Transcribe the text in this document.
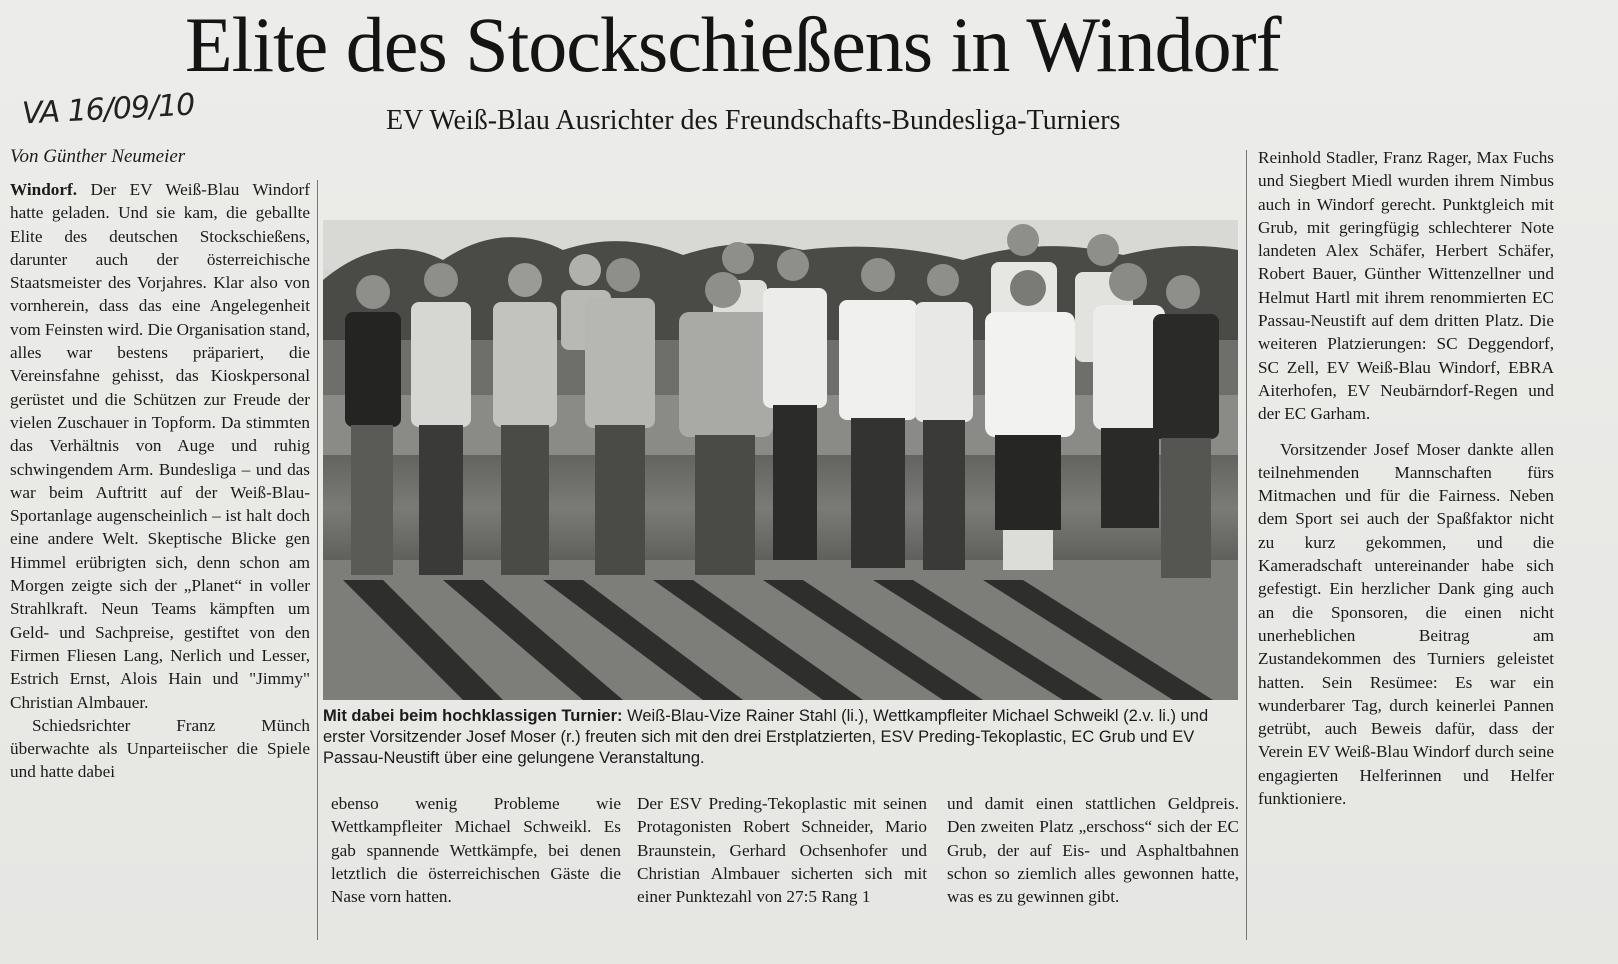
Elite des Stockschießens in Windorf
VA 16/09/10	EV Weiß-Blau Ausrichter des Freundschafts-Bundesliga-Turniers
Von Günther Neumeier

Windorf. Der EV Weiß-Blau Windorf hatte geladen. Und sie kam, die geballte Elite des deutschen Stockschießens, darunter auch der österreichische Staatsmeister des Vorjahres. Klar also von vornherein, dass das eine Angelegenheit vom Feinsten wird. Die Organisation stand, alles war bestens präpariert, die Vereinsfahne gehisst, das Kioskpersonal gerüstet und die Schützen zur Freude der vielen Zuschauer in Topform. Da stimmten das Verhältnis von Auge und ruhig schwingendem Arm. Bundesliga – und das war beim Auftritt auf der Weiß-Blau-Sportanlage augenscheinlich – ist halt doch eine andere Welt. Skeptische Blicke gen Himmel erübrigten sich, denn schon am Morgen zeigte sich der „Planet“ in voller Strahlkraft. Neun Teams kämpften um Geld- und Sachpreise, gestiftet von den Firmen Fliesen Lang, Nerlich und Lesser, Estrich Ernst, Alois Hain und "Jimmy" Christian Almbauer.

Schiedsrichter Franz Münch überwachte als Unparteiischer die Spiele und hatte dabei

Mit dabei beim hochklassigen Turnier: Weiß-Blau-Vize Rainer Stahl (li.), Wettkampfleiter Michael Schweikl (2.v. li.) und erster Vorsitzender Josef Moser (r.) freuten sich mit den drei Erstplatzierten, ESV Preding-Tekoplastic, EC Grub und EV Passau-Neustift über eine gelungene Veranstaltung.

ebenso wenig Probleme wie Wettkampfleiter Michael Schweikl. Es gab spannende Wettkämpfe, bei denen letztlich die österreichischen Gäste die Nase vorn hatten.

Der ESV Preding-Tekoplastic mit seinen Protagonisten Robert Schneider, Mario Braunstein, Gerhard Ochsenhofer und Christian Almbauer sicherten sich mit einer Punktezahl von 27:5 Rang 1

und damit einen stattlichen Geldpreis. Den zweiten Platz „erschoss“ sich der EC Grub, der auf Eis- und Asphaltbahnen schon so ziemlich alles gewonnen hatte, was es zu gewinnen gibt.

Reinhold Stadler, Franz Rager, Max Fuchs und Siegbert Miedl wurden ihrem Nimbus auch in Windorf gerecht. Punktgleich mit Grub, mit geringfügig schlechterer Note landeten Alex Schäfer, Herbert Schäfer, Robert Bauer, Günther Wittenzellner und Helmut Hartl mit ihrem renommierten EC Passau-Neustift auf dem dritten Platz. Die weiteren Platzierungen: SC Deggendorf, SC Zell, EV Weiß-Blau Windorf, EBRA Aiterhofen, EV Neubärndorf-Regen und der EC Garham.

Vorsitzender Josef Moser dankte allen teilnehmenden Mannschaften fürs Mitmachen und für die Fairness. Neben dem Sport sei auch der Spaßfaktor nicht zu kurz gekommen, und die Kameradschaft untereinander habe sich gefestigt. Ein herzlicher Dank ging auch an die Sponsoren, die einen nicht unerheblichen Beitrag am Zustandekommen des Turniers geleistet hatten. Sein Resümee: Es war ein wunderbarer Tag, durch keinerlei Pannen getrübt, auch Beweis dafür, dass der Verein EV Weiß-Blau Windorf durch seine engagierten Helferinnen und Helfer funktioniere.
